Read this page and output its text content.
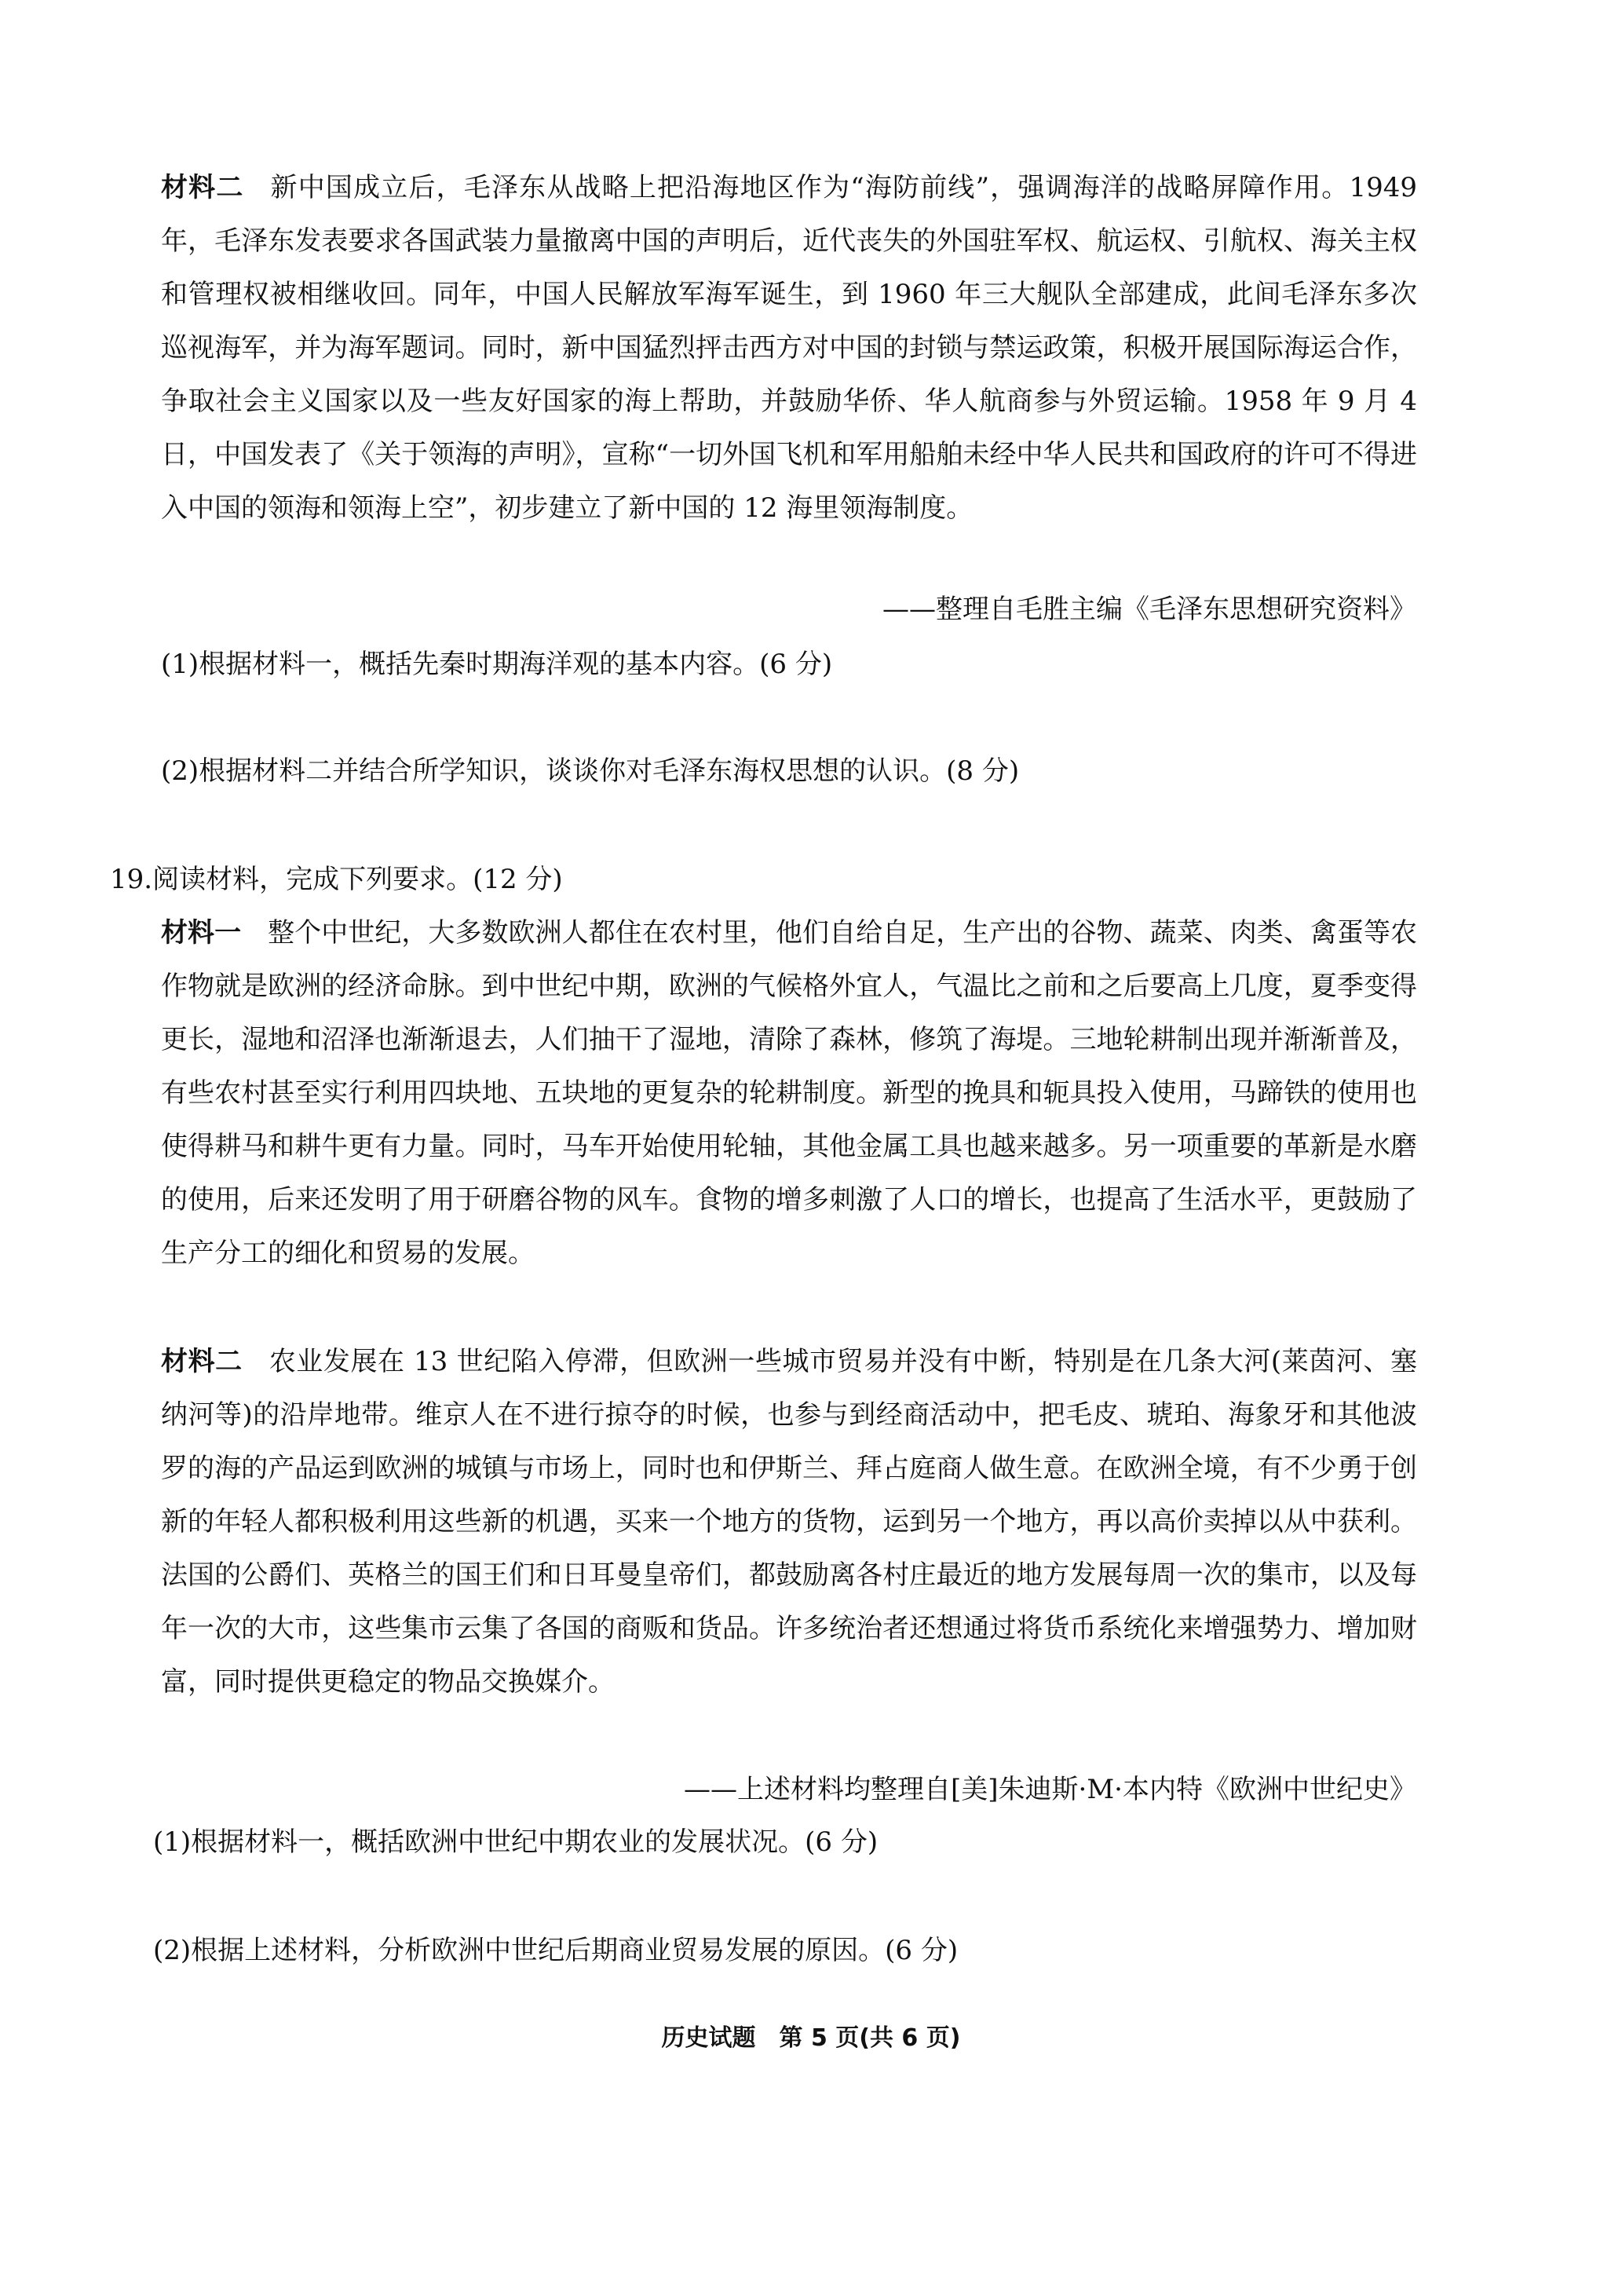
材料二 新中国成立后，毛泽东从战略上把沿海地区作为“海防前线”，强调海洋的战略屏障作用。1949 年，毛泽东发表要求各国武装力量撤离中国的声明后，近代丧失的外国驻军权、航运权、引航权、海关主权和管理权被相继收回。同年，中国人民解放军海军诞生，到 1960 年三大舰队全部建成，此间毛泽东多次巡视海军，并为海军题词。同时，新中国猛烈抨击西方对中国的封锁与禁运政策，积极开展国际海运合作，争取社会主义国家以及一些友好国家的海上帮助，并鼓励华侨、华人航商参与外贸运输。1958 年 9 月 4 日，中国发表了《关于领海的声明》，宣称“一切外国飞机和军用船舶未经中华人民共和国政府的许可不得进入中国的领海和领海上空”，初步建立了新中国的 12 海里领海制度。

——整理自毛胜主编《毛泽东思想研究资料》
(1)根据材料一，概括先秦时期海洋观的基本内容。(6 分)
(2)根据材料二并结合所学知识，谈谈你对毛泽东海权思想的认识。(8 分)
19.阅读材料，完成下列要求。(12 分)

材料一 整个中世纪，大多数欧洲人都住在农村里，他们自给自足，生产出的谷物、蔬菜、肉类、禽蛋等农作物就是欧洲的经济命脉。到中世纪中期，欧洲的气候格外宜人，气温比之前和之后要高上几度，夏季变得更长，湿地和沼泽也渐渐退去，人们抽干了湿地，清除了森林，修筑了海堤。三地轮耕制出现并渐渐普及，有些农村甚至实行利用四块地、五块地的更复杂的轮耕制度。新型的挽具和轭具投入使用，马蹄铁的使用也使得耕马和耕牛更有力量。同时，马车开始使用轮轴，其他金属工具也越来越多。另一项重要的革新是水磨的使用，后来还发明了用于研磨谷物的风车。食物的增多刺激了人口的增长，也提高了生活水平，更鼓励了生产分工的细化和贸易的发展。

材料二 农业发展在 13 世纪陷入停滞，但欧洲一些城市贸易并没有中断，特别是在几条大河(莱茵河、塞纳河等)的沿岸地带。维京人在不进行掠夺的时候，也参与到经商活动中，把毛皮、琥珀、海象牙和其他波罗的海的产品运到欧洲的城镇与市场上，同时也和伊斯兰、拜占庭商人做生意。在欧洲全境，有不少勇于创新的年轻人都积极利用这些新的机遇，买来一个地方的货物，运到另一个地方，再以高价卖掉以从中获利。法国的公爵们、英格兰的国王们和日耳曼皇帝们，都鼓励离各村庄最近的地方发展每周一次的集市，以及每年一次的大市，这些集市云集了各国的商贩和货品。许多统治者还想通过将货币系统化来增强势力、增加财富，同时提供更稳定的物品交换媒介。

——上述材料均整理自[美]朱迪斯·M·本内特《欧洲中世纪史》
(1)根据材料一，概括欧洲中世纪中期农业的发展状况。(6 分)
(2)根据上述材料，分析欧洲中世纪后期商业贸易发展的原因。(6 分)
历史试题　第 5 页(共 6 页)
